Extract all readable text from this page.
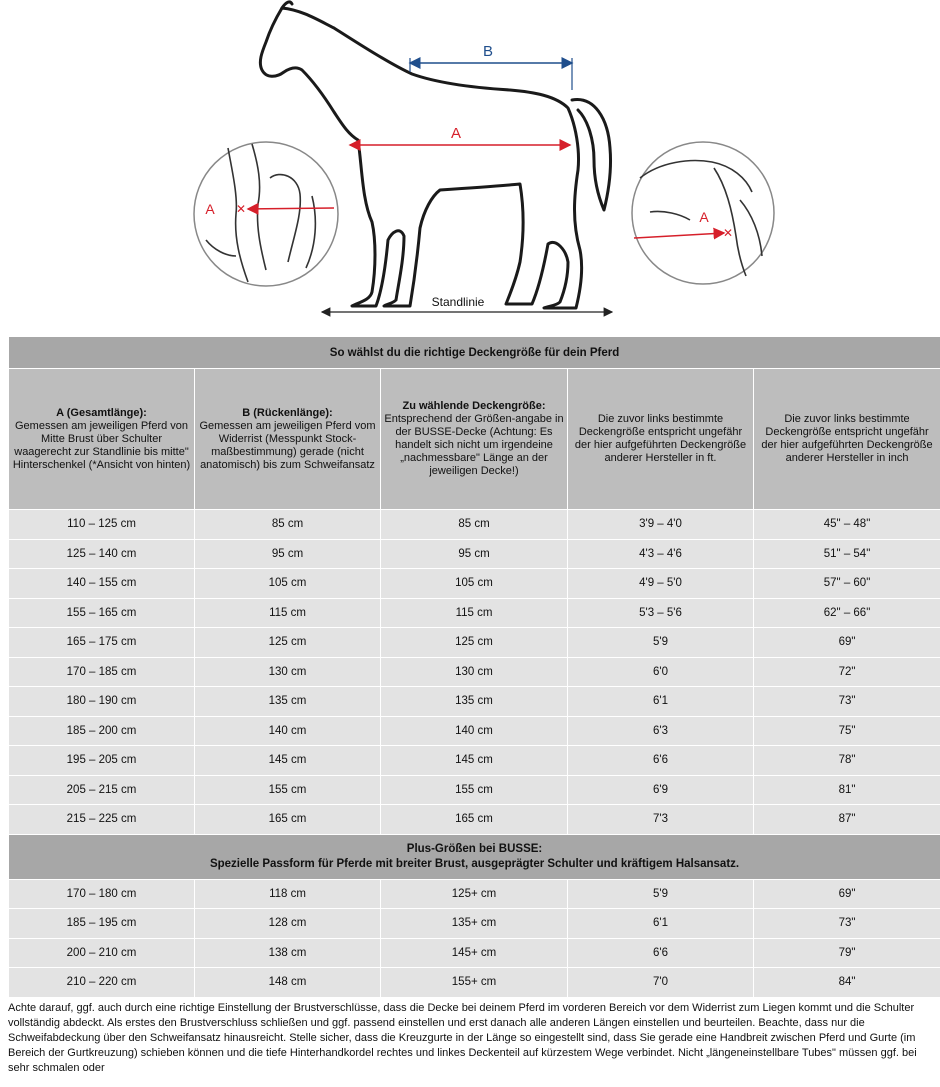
A
B
Standlinie
✕
A
✕
A
So wählst du die richtige Deckengröße für dein Pferd				

A (Gesamtlänge):
Gemessen am jeweiligen Pferd von Mitte Brust über Schulter waagerecht zur Standlinie bis mitte" Hinterschenkel (*Ansicht von hinten)	B (Rückenlänge):
Gemessen am jeweiligen Pferd vom Widerrist (Messpunkt Stock-maßbestimmung) gerade (nicht anatomisch) bis zum Schweifansatz	Zu wählende Deckengröße:
Entsprechend der Größen-angabe in der BUSSE-Decke (Achtung: Es handelt sich nicht um irgendeine „nachmessbare" Länge an der jeweiligen Decke!)	Die zuvor links bestimmte Deckengröße entspricht ungefähr der hier aufgeführten Deckengröße anderer Hersteller in ft.	Die zuvor links bestimmte Deckengröße entspricht ungefähr der hier aufgeführten Deckengröße anderer Hersteller in inch
110 – 125 cm	85 cm	85 cm	3'9 – 4'0	45" – 48"
125 – 140 cm	95 cm	95 cm	4'3 – 4'6	51" – 54"
140 – 155 cm	105 cm	105 cm	4'9 – 5'0	57" – 60"
155 – 165 cm	115 cm	115 cm	5'3 – 5'6	62" – 66"
165 – 175 cm	125 cm	125 cm	5'9	69"
170 – 185 cm	130 cm	130 cm	6'0	72"
180 – 190 cm	135 cm	135 cm	6'1	73"
185 – 200 cm	140 cm	140 cm	6'3	75"
195 – 205 cm	145 cm	145 cm	6'6	78"
205 – 215 cm	155 cm	155 cm	6'9	81"
215 – 225 cm	165 cm	165 cm	7'3	87"
Plus-Größen bei BUSSE:
Spezielle Passform für Pferde mit breiter Brust, ausgeprägter Schulter und kräftigem Halsansatz.				
170 – 180 cm	118 cm	125+ cm	5'9	69"
185 – 195 cm	128 cm	135+ cm	6'1	73"
200 – 210 cm	138 cm	145+ cm	6'6	79"
210 – 220 cm	148 cm	155+ cm	7'0	84"

Achte darauf, ggf. auch durch eine richtige Einstellung der Brustverschlüsse, dass die Decke bei deinem Pferd im vorderen Bereich vor dem Widerrist zum Liegen kommt und die Schulter vollständig abdeckt. Als erstes den Brustverschluss schließen und ggf. passend einstellen und erst danach alle anderen Längen einstellen und beurteilen. Beachte, dass nur die Schweifabdeckung über den Schweifansatz hinausreicht. Stelle sicher, dass die Kreuzgurte in der Länge so eingestellt sind, dass Sie gerade eine Handbreit zwischen Pferd und Gurte (im Bereich der Gurtkreuzung) schieben können und die tiefe Hinterhandkordel rechtes und linkes Deckenteil auf kürzestem Wege verbindet. Nicht „längeneinstellbare Tubes" müssen ggf. bei sehr schmalen oder
